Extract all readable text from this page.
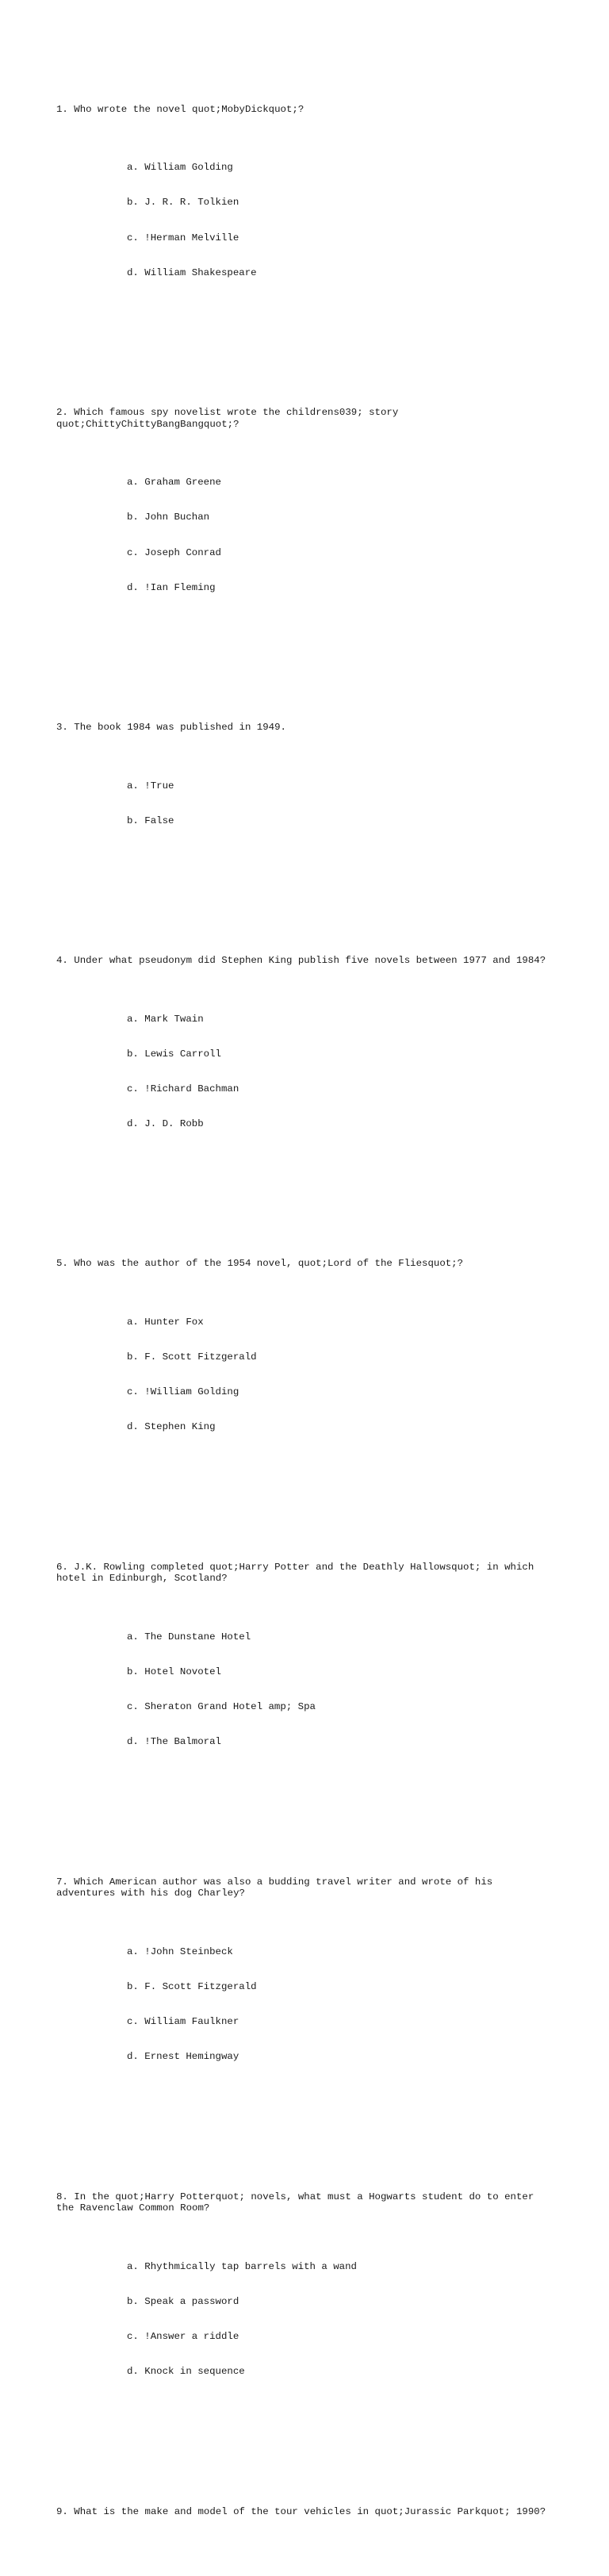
1. Who wrote the novel quot;MobyDickquot;?

a. William Golding

b. J. R. R. Tolkien

c. !Herman Melville

d. William Shakespeare

2. Which famous spy novelist wrote the childrens039; story
quot;ChittyChittyBangBangquot;?

a. Graham Greene

b. John Buchan

c. Joseph Conrad

d. !Ian Fleming

3. The book 1984 was published in 1949.

a. !True

b. False

4. Under what pseudonym did Stephen King publish five novels between 1977 and 1984?

a. Mark Twain

b. Lewis Carroll

c. !Richard Bachman

d. J. D. Robb

5. Who was the author of the 1954 novel, quot;Lord of the Fliesquot;?

a. Hunter Fox

b. F. Scott Fitzgerald

c. !William Golding

d. Stephen King

6. J.K. Rowling completed quot;Harry Potter and the Deathly Hallowsquot; in which
hotel in Edinburgh, Scotland?

a. The Dunstane Hotel

b. Hotel Novotel

c. Sheraton Grand Hotel amp; Spa

d. !The Balmoral

7. Which American author was also a budding travel writer and wrote of his
adventures with his dog Charley?

a. !John Steinbeck

b. F. Scott Fitzgerald

c. William Faulkner

d. Ernest Hemingway

8. In the quot;Harry Potterquot; novels, what must a Hogwarts student do to enter
the Ravenclaw Common Room?

a. Rhythmically tap barrels with a wand

b. Speak a password

c. !Answer a riddle

d. Knock in sequence

9. What is the make and model of the tour vehicles in quot;Jurassic Parkquot; 1990?
